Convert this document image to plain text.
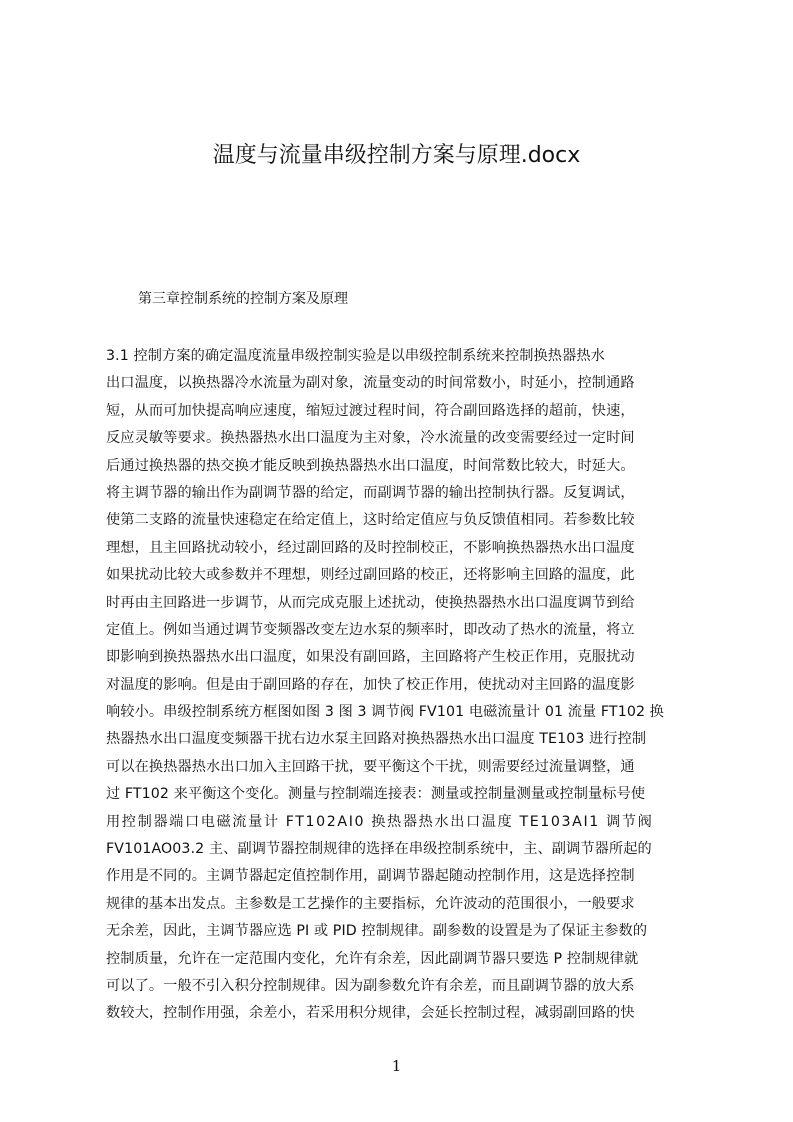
温度与流量串级控制方案与原理.docx
第三章控制系统的控制方案及原理
3.1 控制方案的确定温度流量串级控制实验是以串级控制系统来控制换热器热水
出口温度，以换热器冷水流量为副对象，流量变动的时间常数小，时延小，控制通路
短，从而可加快提高响应速度，缩短过渡过程时间，符合副回路选择的超前，快速，
反应灵敏等要求。换热器热水出口温度为主对象，冷水流量的改变需要经过一定时间
后通过换热器的热交换才能反映到换热器热水出口温度，时间常数比较大，时延大。
将主调节器的输出作为副调节器的给定，而副调节器的输出控制执行器。反复调试，
使第二支路的流量快速稳定在给定值上，这时给定值应与负反馈值相同。若参数比较
理想，且主回路扰动较小，经过副回路的及时控制校正，不影响换热器热水出口温度
如果扰动比较大或参数并不理想，则经过副回路的校正，还将影响主回路的温度，此
时再由主回路进一步调节，从而完成克服上述扰动，使换热器热水出口温度调节到给
定值上。例如当通过调节变频器改变左边水泵的频率时，即改动了热水的流量，将立
即影响到换热器热水出口温度，如果没有副回路，主回路将产生校正作用，克服扰动
对温度的影响。但是由于副回路的存在，加快了校正作用，使扰动对主回路的温度影
响较小。串级控制系统方框图如图 3 图 3 调节阀 FV101 电磁流量计 01 流量 FT102 换
热器热水出口温度变频器干扰右边水泵主回路对换热器热水出口温度 TE103 进行控制
可以在换热器热水出口加入主回路干扰，要平衡这个干扰，则需要经过流量调整，通
过 FT102 来平衡这个变化。测量与控制端连接表：测量或控制量测量或控制量标号使
用控制器端口电磁流量计 FT102AI0 换热器热水出口温度 TE103AI1 调节阀
FV101AO03.2 主、副调节器控制规律的选择在串级控制系统中，主、副调节器所起的
作用是不同的。主调节器起定值控制作用，副调节器起随动控制作用，这是选择控制
规律的基本出发点。主参数是工艺操作的主要指标，允许波动的范围很小，一般要求
无余差，因此，主调节器应选 PI 或 PID 控制规律。副参数的设置是为了保证主参数的
控制质量，允许在一定范围内变化，允许有余差，因此副调节器只要选 P 控制规律就
可以了。一般不引入积分控制规律。因为副参数允许有余差，而且副调节器的放大系
数较大，控制作用强，余差小，若采用积分规律，会延长控制过程，减弱副回路的快
1
